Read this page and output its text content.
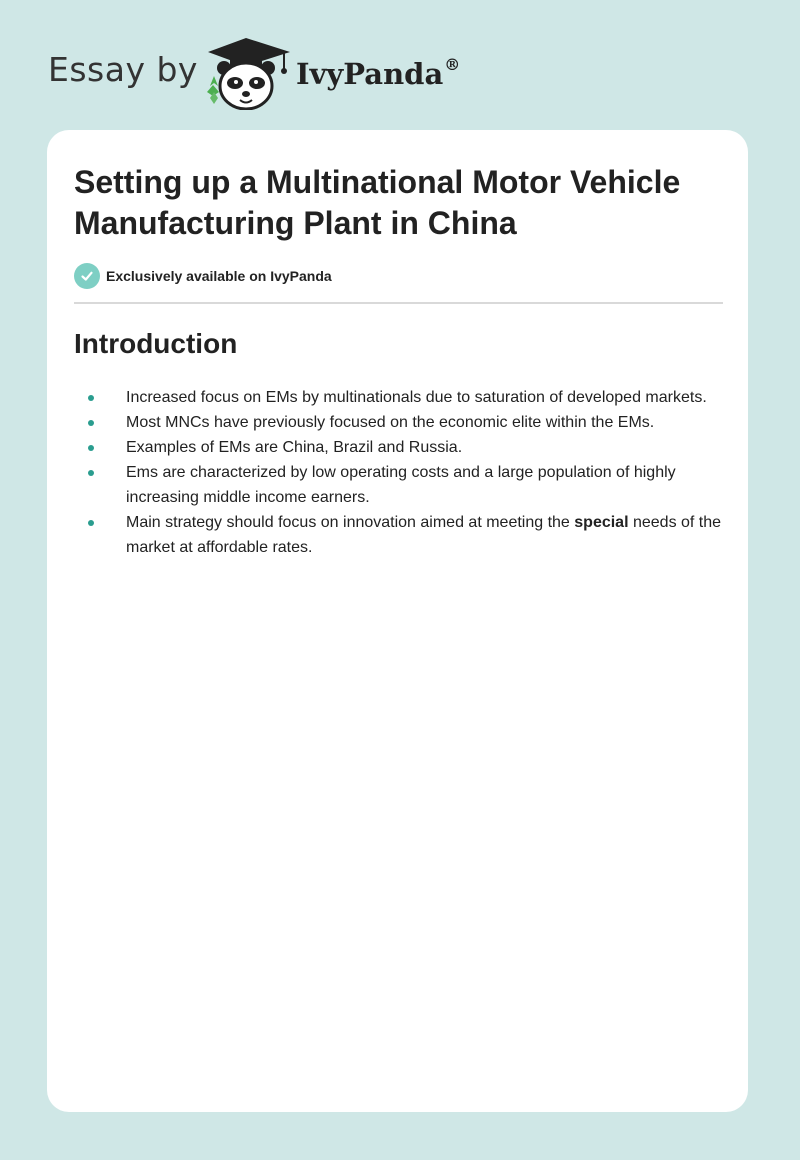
Essay by	IvyPanda®
Setting up a Multinational Motor Vehicle Manufacturing Plant in China
Exclusively available on IvyPanda
Introduction
Increased focus on EMs by multinationals due to saturation of developed markets.
Most MNCs have previously focused on the economic elite within the EMs.
Examples of EMs are China, Brazil and Russia.
Ems are characterized by low operating costs and a large population of highly increasing middle income earners.
Main strategy should focus on innovation aimed at meeting the special needs of the market at affordable rates.
